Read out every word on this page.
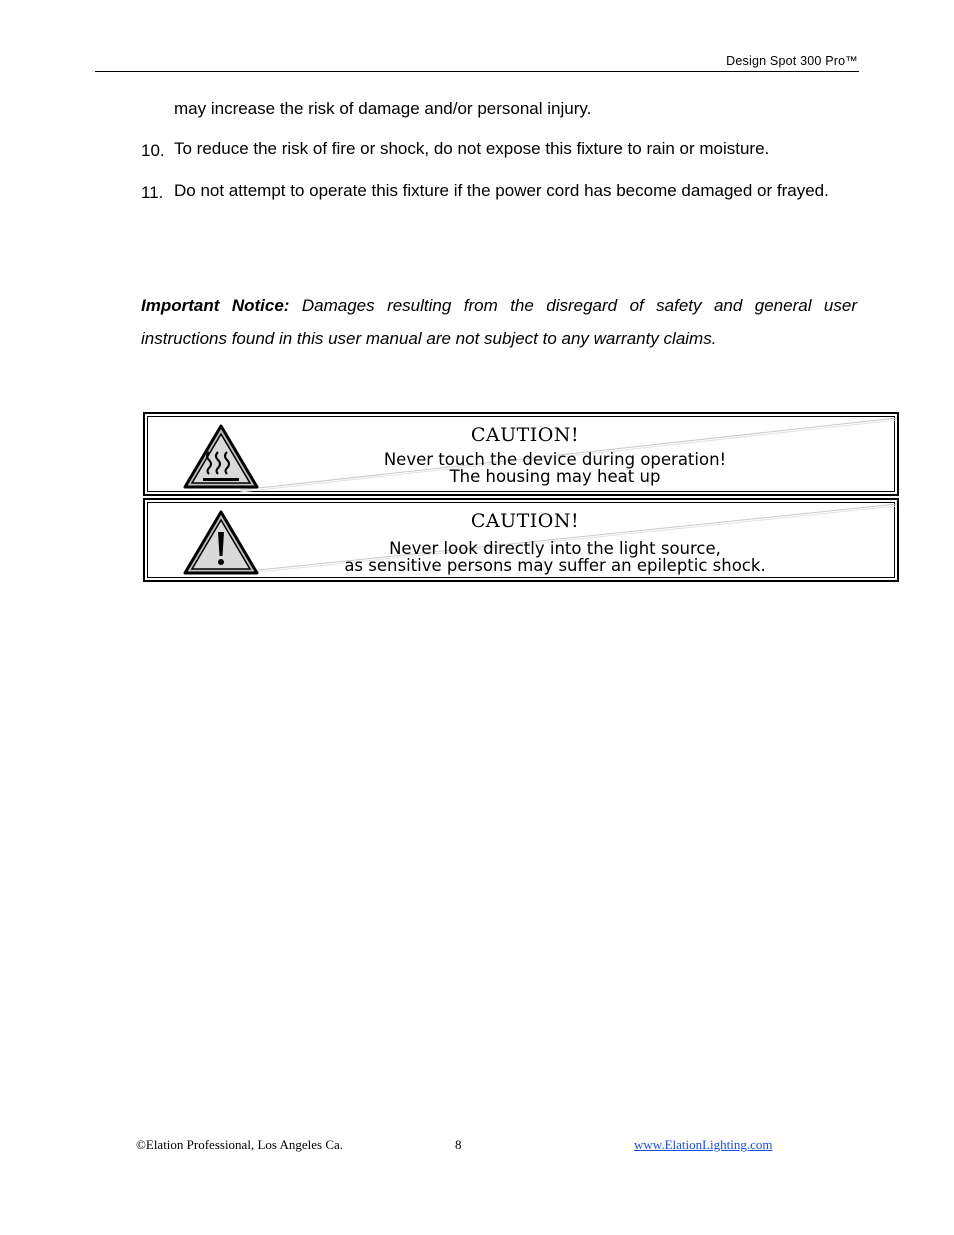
Design Spot 300 Pro™
may increase the risk of damage and/or personal injury.
10. To reduce the risk of fire or shock, do not expose this fixture to rain or moisture.
11. Do not attempt to operate this fixture if the power cord has become damaged or frayed.
Important Notice: Damages resulting from the disregard of safety and general user instructions found in this user manual are not subject to any warranty claims.
CAUTION!
Never touch the device during operation!
The housing may heat up
CAUTION!
Never look directly into the light source,
as sensitive persons may suffer an epileptic shock.
©Elation Professional, Los Angeles Ca.	8	www.ElationLighting.com
